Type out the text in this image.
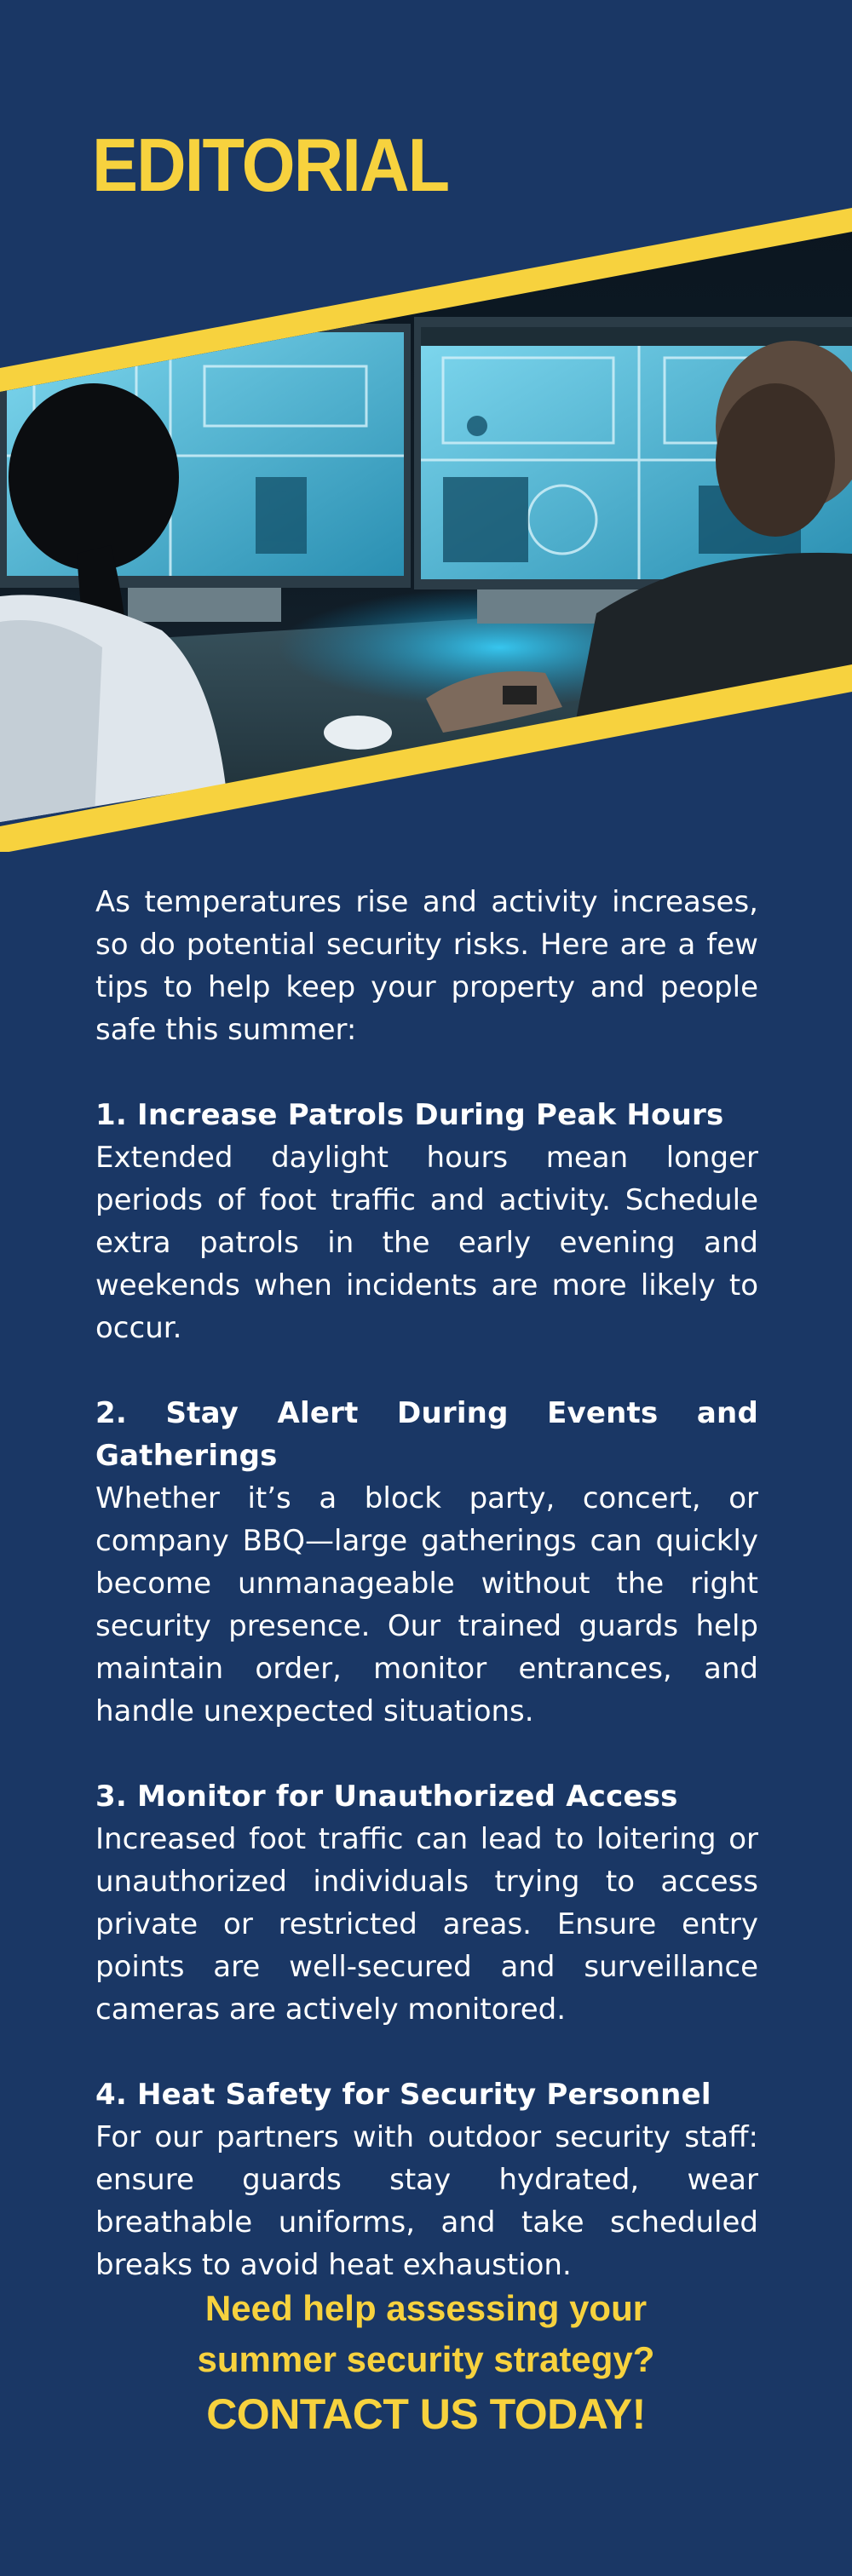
EDITORIAL

As temperatures rise and activity increases, so do potential security risks. Here are a few tips to help keep your property and people safe this summer:

1. Increase Patrols During Peak Hours

Extended daylight hours mean longer periods of foot traffic and activity. Schedule extra patrols in the early evening and weekends when incidents are more likely to occur.

2. Stay Alert During Events and Gatherings

Whether it’s a block party, concert, or company BBQ—large gatherings can quickly become unmanageable without the right security presence. Our trained guards help maintain order, monitor entrances, and handle unexpected situations.

3. Monitor for Unauthorized Access

Increased foot traffic can lead to loitering or unauthorized individuals trying to access private or restricted areas. Ensure entry points are well-secured and surveillance cameras are actively monitored.

4. Heat Safety for Security Personnel

For our partners with outdoor security staff: ensure guards stay hydrated, wear breathable uniforms, and take scheduled breaks to avoid heat exhaustion.

Need help assessing your
summer security strategy?
CONTACT US TODAY!
